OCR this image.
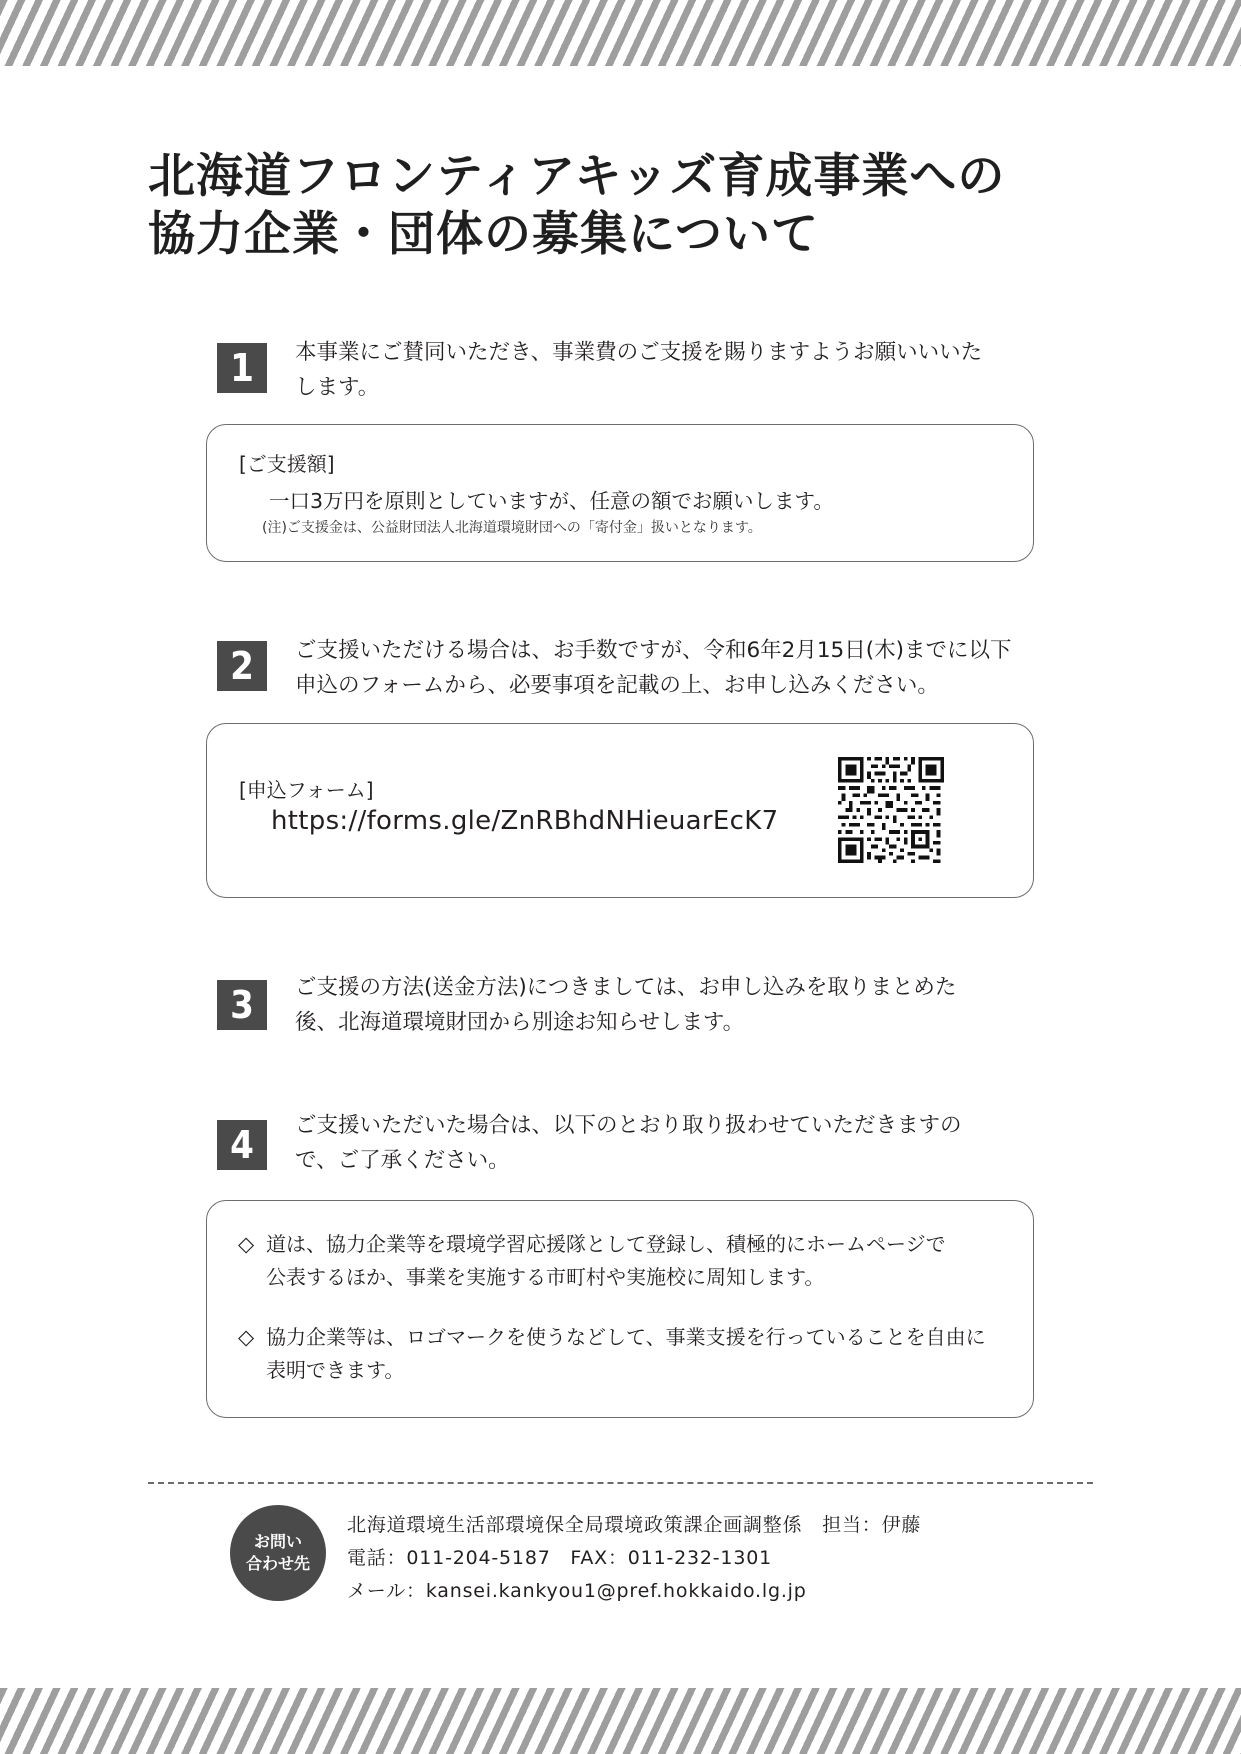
北海道フロンティアキッズ育成事業への
協力企業・団体の募集について
1	本事業にご賛同いただき、事業費のご支援を賜りますようお願いいいた
します。
[ご支援額]
一口3万円を原則としていますが、任意の額でお願いします。
(注)ご支援金は、公益財団法人北海道環境財団への「寄付金」扱いとなります。
2	ご支援いただける場合は、お手数ですが、令和6年2月15日(木)までに以下
申込のフォームから、必要事項を記載の上、お申し込みください。
[申込フォーム]
https://forms.gle/ZnRBhdNHieuarEcK7
3	ご支援の方法(送金方法)につきましては、お申し込みを取りまとめた
後、北海道環境財団から別途お知らせします。
4	ご支援いただいた場合は、以下のとおり取り扱わせていただきますの
で、ご了承ください。
◇ 道は、協力企業等を環境学習応援隊として登録し、積極的にホームページで
公表するほか、事業を実施する市町村や実施校に周知します。
◇ 協力企業等は、ロゴマークを使うなどして、事業支援を行っていることを自由に
表明できます。
お問い
合わせ先
北海道環境生活部環境保全局環境政策課企画調整係　担当：伊藤
電話：011-204-5187　FAX：011-232-1301
メール：kansei.kankyou1@pref.hokkaido.lg.jp
